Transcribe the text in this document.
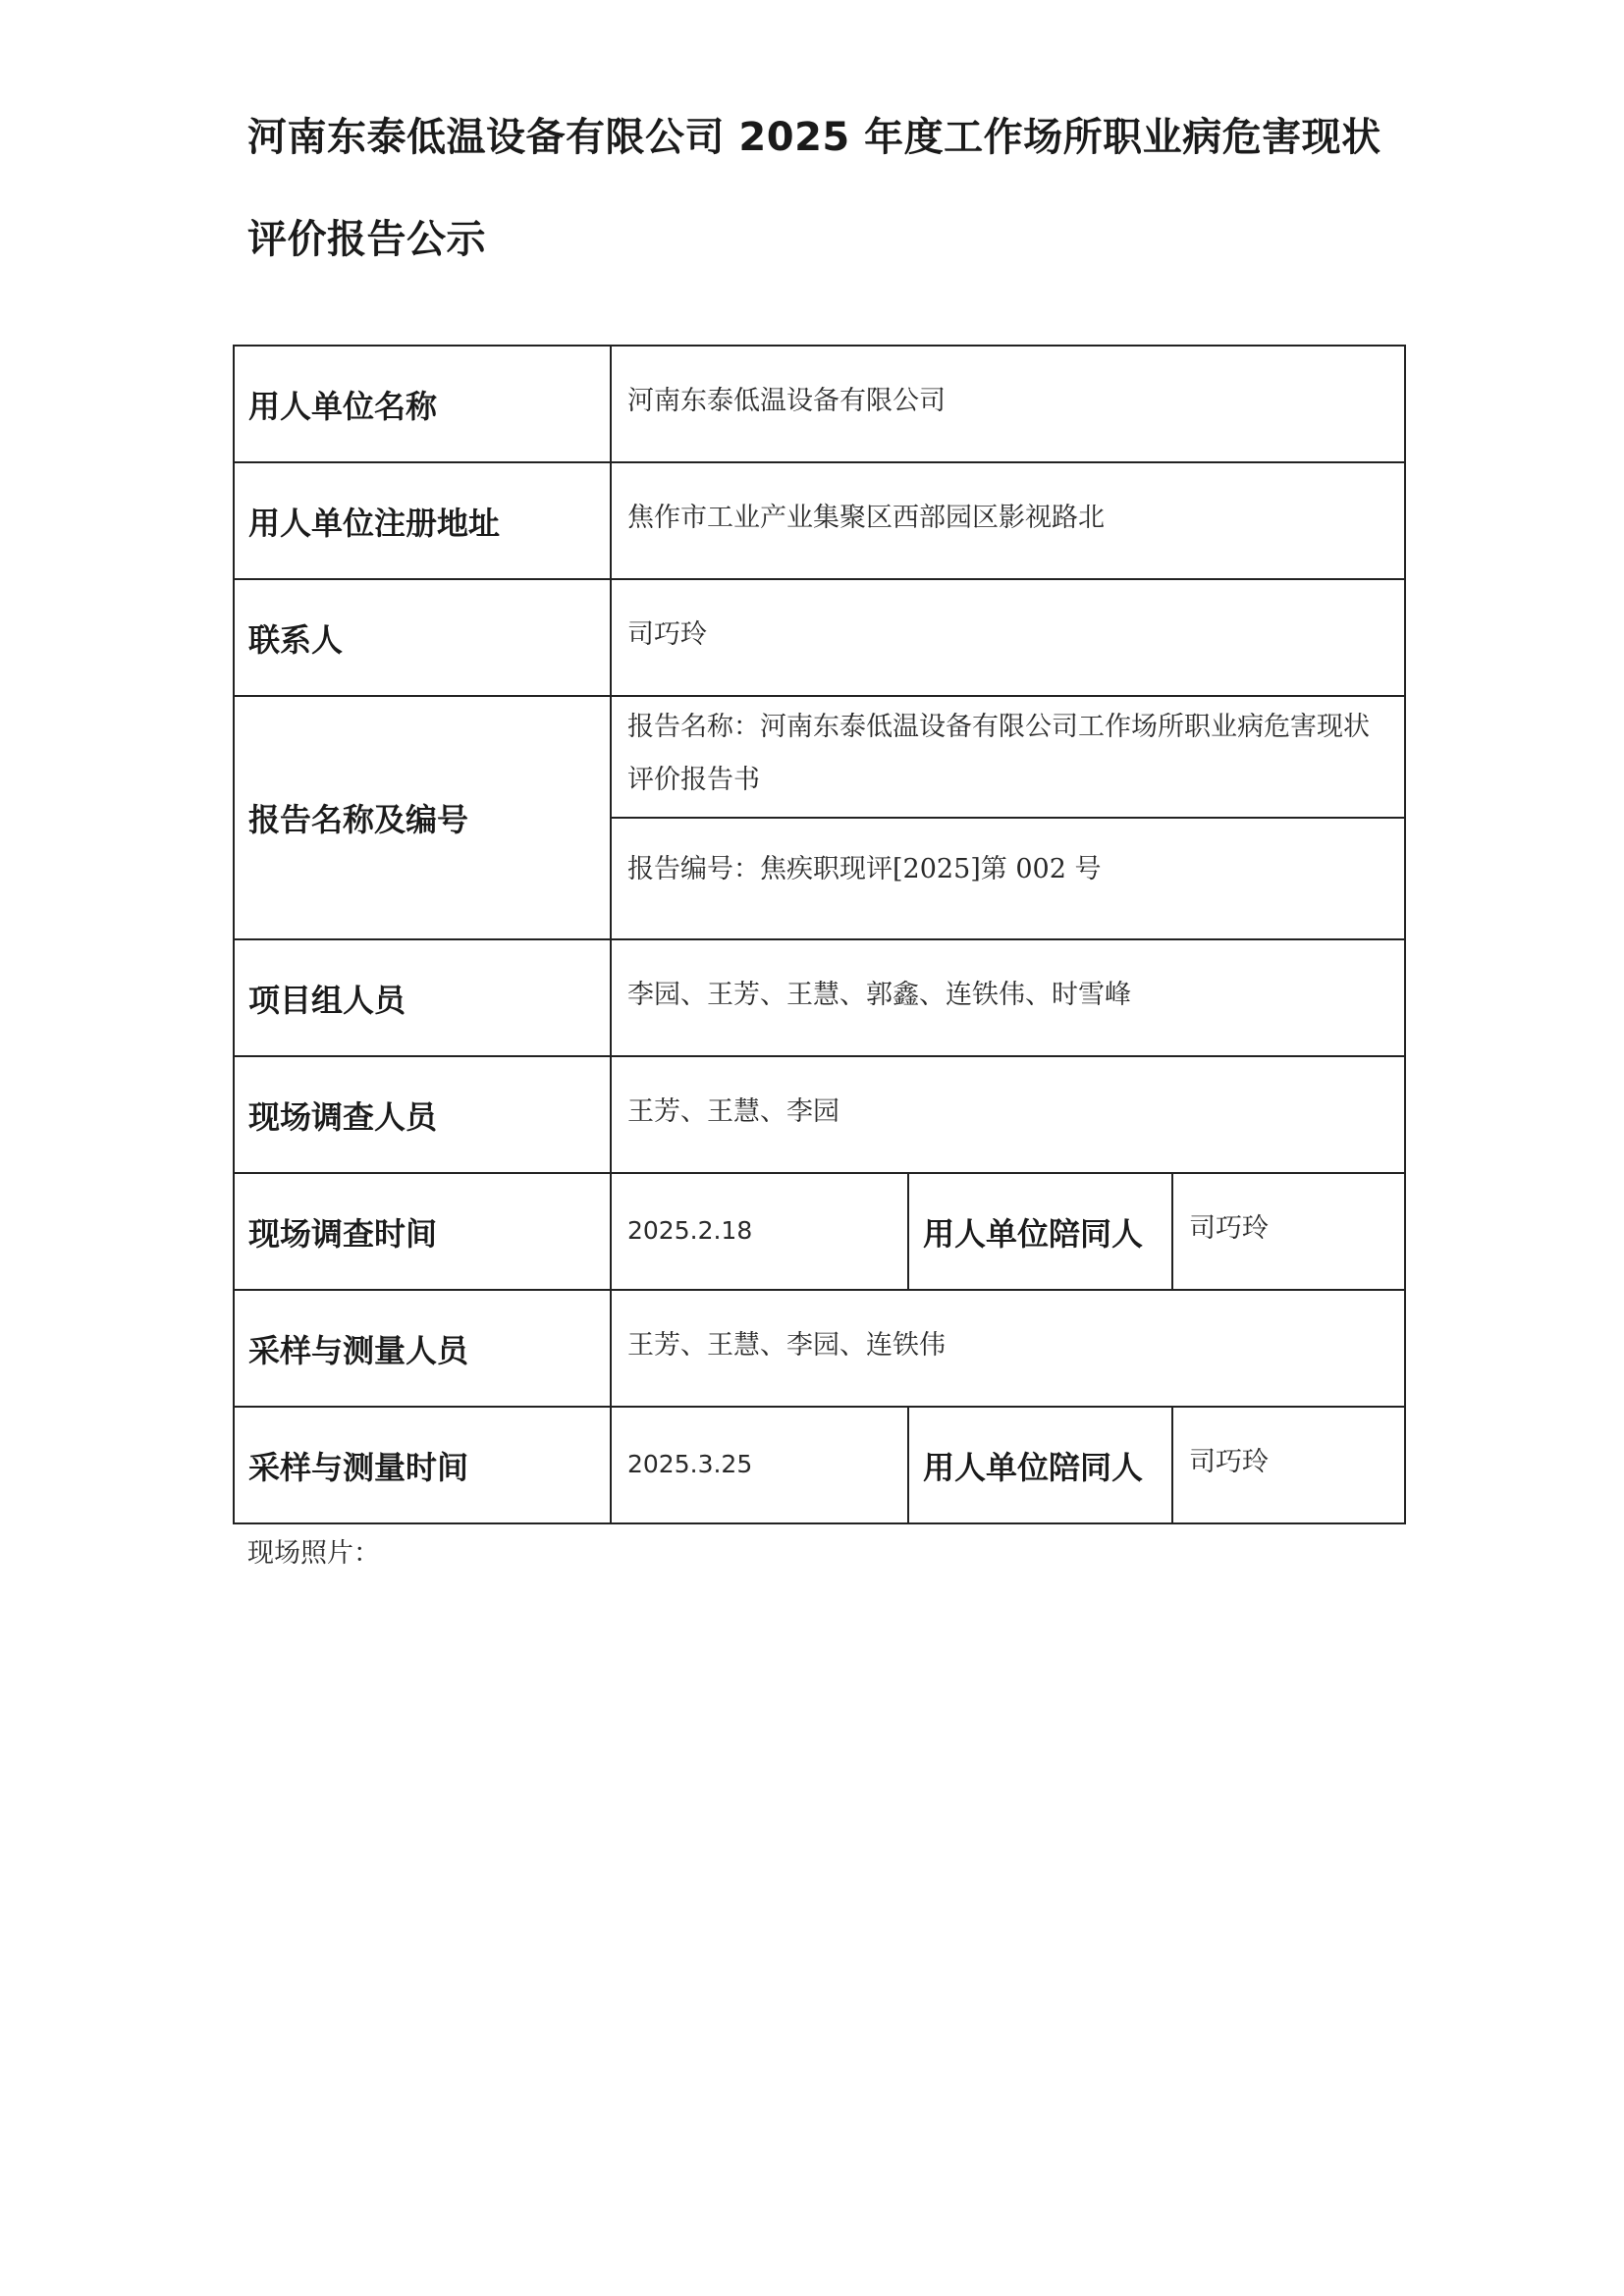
河南东泰低温设备有限公司 2025 年度工作场所职业病危害现状评价报告公示
用人单位名称	河南东泰低温设备有限公司		
用人单位注册地址	焦作市工业产业集聚区西部园区影视路北		
联系人	司巧玲		
报告名称及编号	报告名称：河南东泰低温设备有限公司工作场所职业病危害现状评价报告书		
	报告编号：焦疾职现评[2025]第 002 号		
项目组人员	李园、王芳、王慧、郭鑫、连铁伟、时雪峰		
现场调查人员	王芳、王慧、李园		
现场调查时间	2025.2.18	用人单位陪同人	司巧玲
采样与测量人员	王芳、王慧、李园、连铁伟		
采样与测量时间	2025.3.25	用人单位陪同人	司巧玲
现场照片：
